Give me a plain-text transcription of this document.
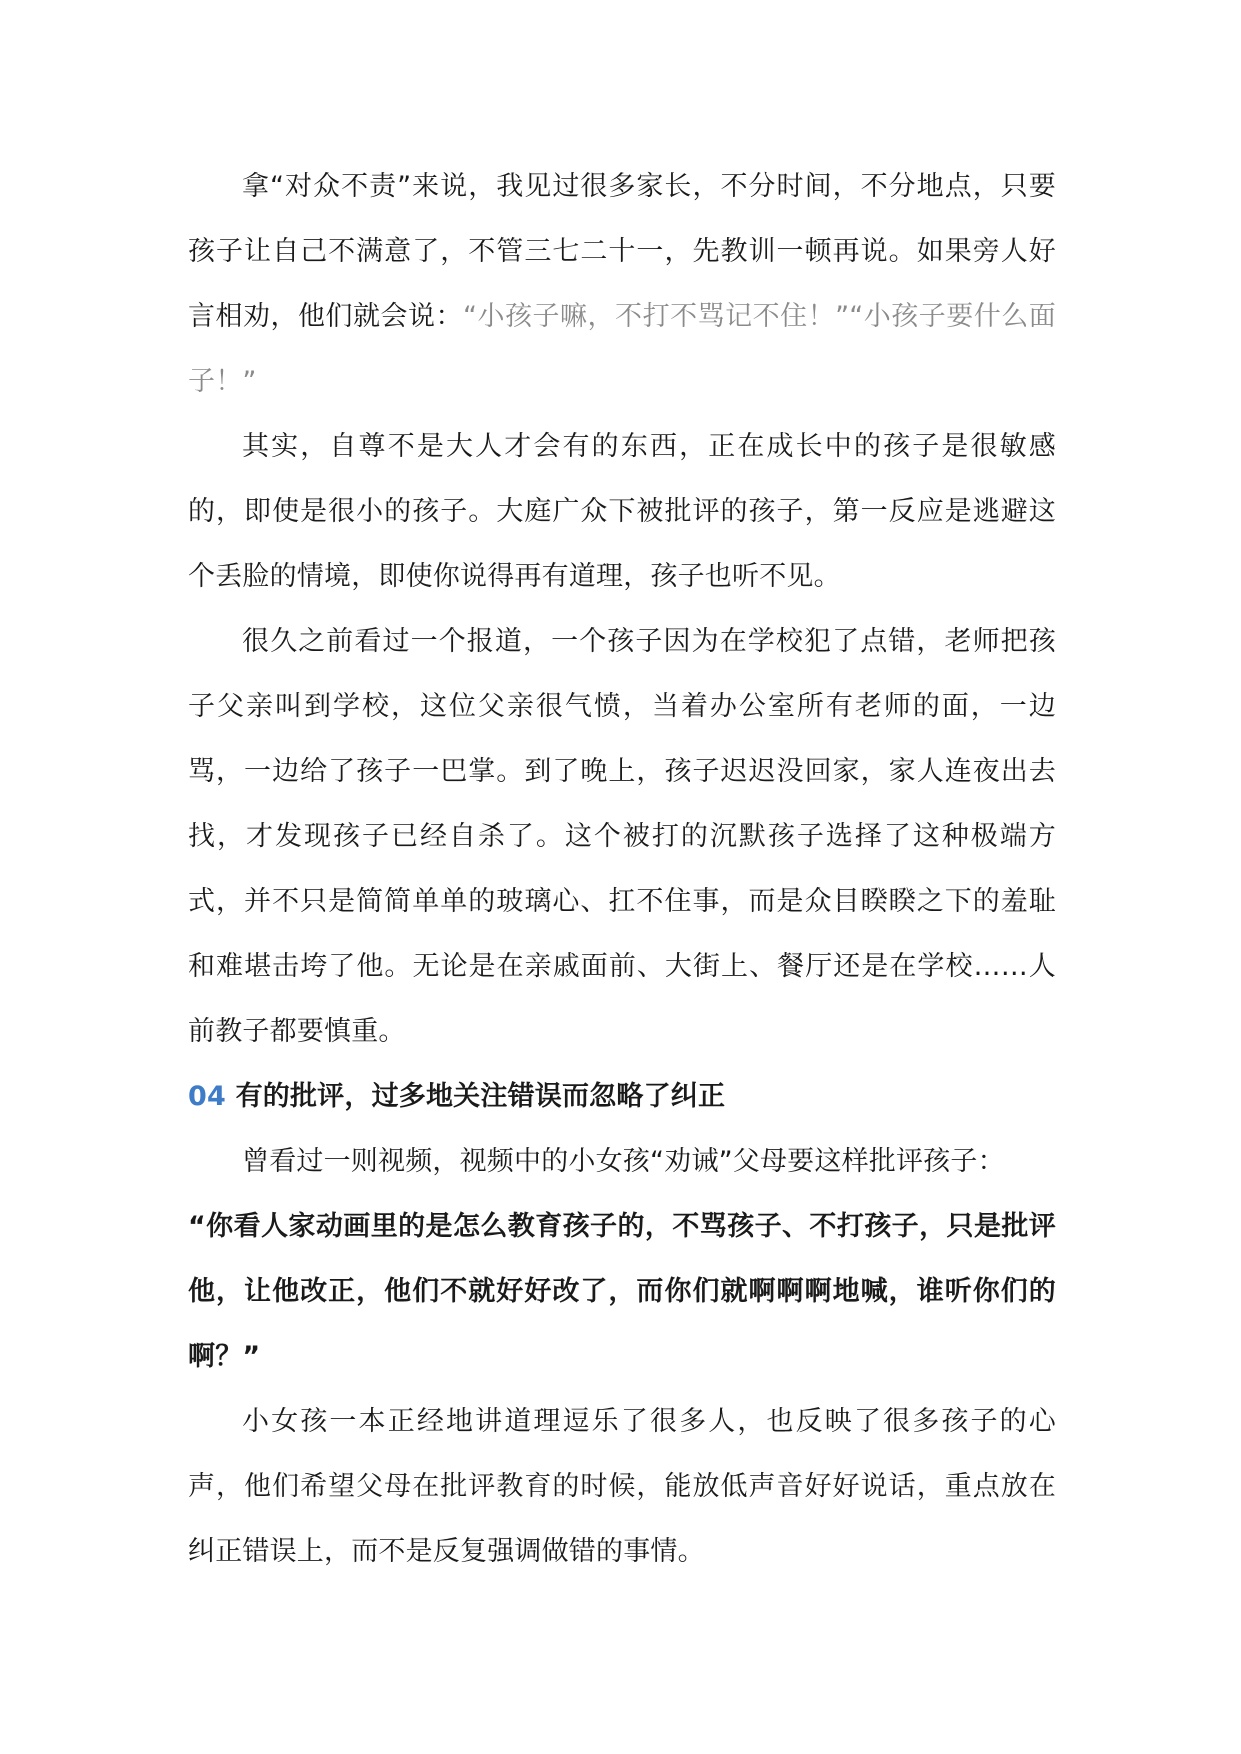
拿“对众不责”来说，我见过很多家长，不分时间，不分地点，只要孩子让自己不满意了，不管三七二十一，先教训一顿再说。如果旁人好言相劝，他们就会说：“小孩子嘛，不打不骂记不住！”“小孩子要什么面子！”

其实，自尊不是大人才会有的东西，正在成长中的孩子是很敏感的，即使是很小的孩子。大庭广众下被批评的孩子，第一反应是逃避这个丢脸的情境，即使你说得再有道理，孩子也听不见。

很久之前看过一个报道，一个孩子因为在学校犯了点错，老师把孩子父亲叫到学校，这位父亲很气愤，当着办公室所有老师的面，一边骂，一边给了孩子一巴掌。到了晚上，孩子迟迟没回家，家人连夜出去找，才发现孩子已经自杀了。这个被打的沉默孩子选择了这种极端方式，并不只是简简单单的玻璃心、扛不住事，而是众目睽睽之下的羞耻和难堪击垮了他。无论是在亲戚面前、大街上、餐厅还是在学校……人前教子都要慎重。

04 有的批评，过多地关注错误而忽略了纠正

曾看过一则视频，视频中的小女孩“劝诫”父母要这样批评孩子：

“你看人家动画里的是怎么教育孩子的，不骂孩子、不打孩子，只是批评他，让他改正，他们不就好好改了，而你们就啊啊啊地喊，谁听你们的啊？”

小女孩一本正经地讲道理逗乐了很多人，也反映了很多孩子的心声，他们希望父母在批评教育的时候，能放低声音好好说话，重点放在纠正错误上，而不是反复强调做错的事情。
